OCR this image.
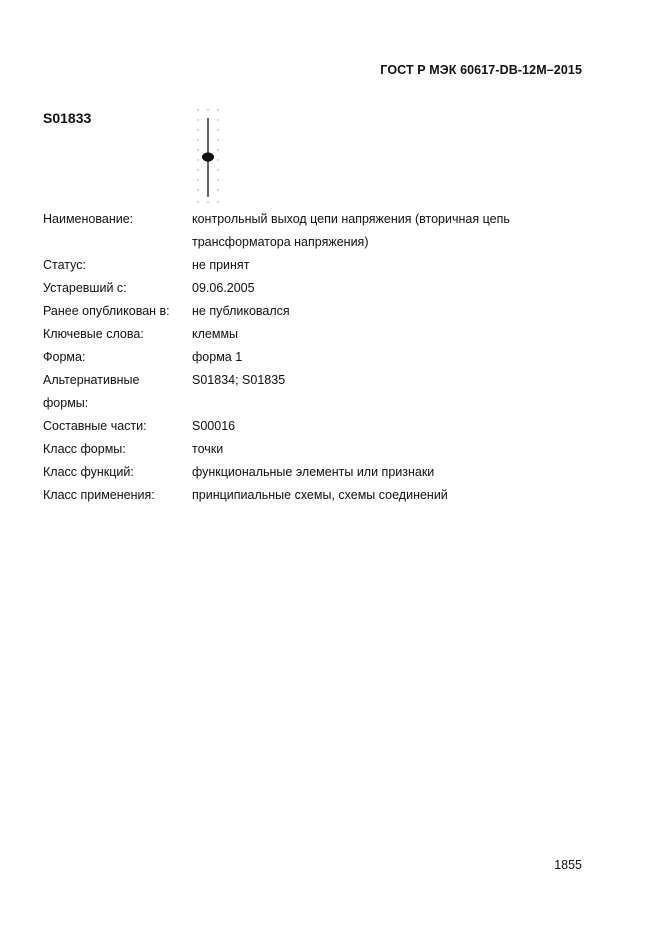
ГОСТ Р МЭК 60617-DB-12М–2015
S01833
Наименование:	контрольный выход цепи напряжения (вторичная цепь
трансформатора напряжения)
Статус:	не принят
Устаревший с:	09.06.2005
Ранее опубликован в:	не публиковался
Ключевые слова:	клеммы
Форма:	форма 1
Альтернативные
формы:
S01834; S01835
Составные части:	S00016
Класс формы:	точки
Класс функций:	функциональные элементы или признаки
Класс применения:	принципиальные схемы, схемы соединений
1855
